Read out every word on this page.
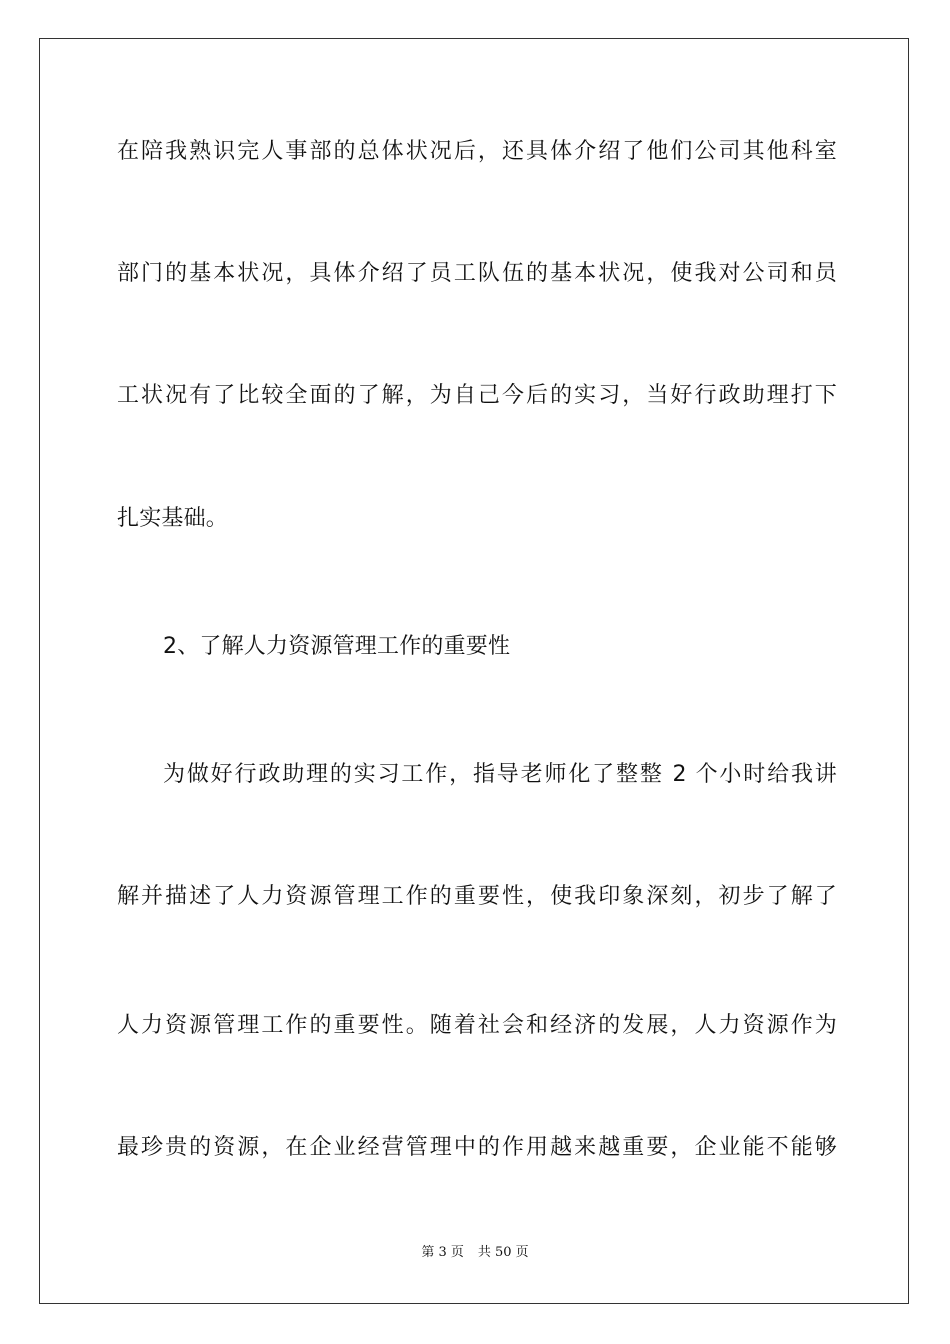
在陪我熟识完人事部的总体状况后，还具体介绍了他们公司其他科室
部门的基本状况，具体介绍了员工队伍的基本状况，使我对公司和员
工状况有了比较全面的了解，为自己今后的实习，当好行政助理打下
扎实基础。
2、了解人力资源管理工作的重要性
为做好行政助理的实习工作，指导老师化了整整 2 个小时给我讲
解并描述了人力资源管理工作的重要性，使我印象深刻，初步了解了
人力资源管理工作的重要性。随着社会和经济的发展，人力资源作为
最珍贵的资源，在企业经营管理中的作用越来越重要，企业能不能够
第 3 页 共 50 页
